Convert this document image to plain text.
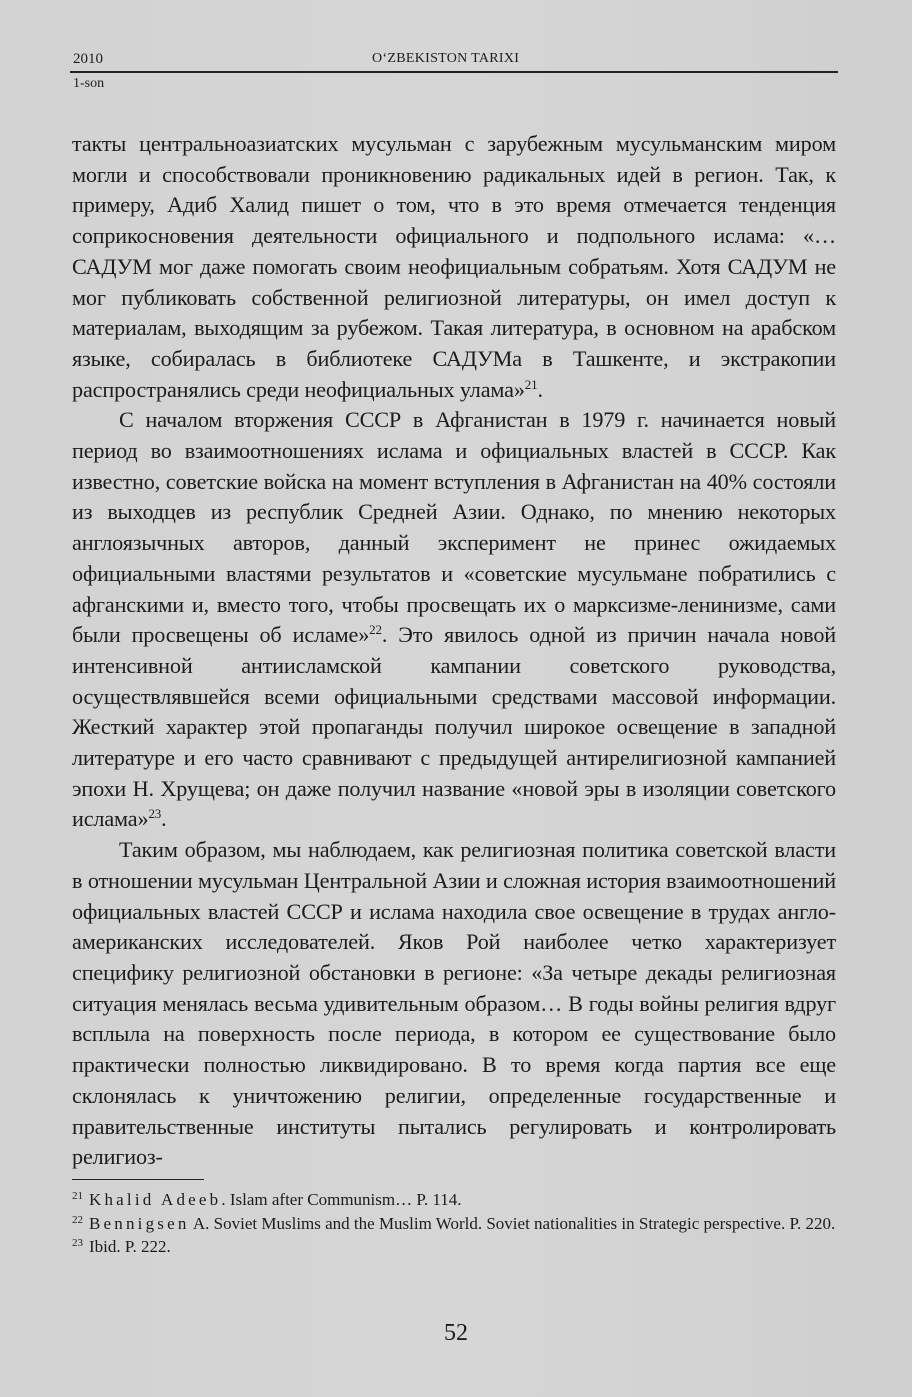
2010	O‘ZBEKISTON TARIXI
1-son

такты центральноазиатских мусульман с зарубежным мусульманским миром могли и способствовали проникновению радикальных идей в регион. Так, к примеру, Адиб Халид пишет о том, что в это время отмечается тенденция соприкосновения деятельности официального и подпольного ислама: «…САДУМ мог даже помогать своим неофициальным собратьям. Хотя САДУМ не мог публиковать собственной религиозной литературы, он имел доступ к материалам, выходящим за рубежом. Такая литература, в основном на арабском языке, собиралась в библиотеке САДУМа в Ташкенте, и экстракопии распространялись среди неофициальных улама»$^{21}$.

С началом вторжения СССР в Афганистан в 1979 г. начинается новый период во взаимоотношениях ислама и официальных властей в СССР. Как известно, советские войска на момент вступления в Афганистан на 40% состояли из выходцев из республик Средней Азии. Однако, по мнению некоторых англоязычных авторов, данный эксперимент не принес ожидаемых официальными властями результатов и «советские мусульмане побратились с афганскими и, вместо того, чтобы просвещать их о марксизме-ленинизме, сами были просвещены об исламе»$^{22}$. Это явилось одной из причин начала новой интенсивной антиисламской кампании советского руководства, осуществлявшейся всеми официальными средствами массовой информации. Жесткий характер этой пропаганды получил широкое освещение в западной литературе и его часто сравнивают с предыдущей антирелигиозной кампанией эпохи Н. Хрущева; он даже получил название «новой эры в изоляции советского ислама»$^{23}$.

Таким образом, мы наблюдаем, как религиозная политика советской власти в отношении мусульман Центральной Азии и сложная история взаимоотношений официальных властей СССР и ислама находила свое освещение в трудах англо-американских исследователей. Яков Рой наиболее четко характеризует специфику религиозной обстановки в регионе: «За четыре декады религиозная ситуация менялась весьма удивительным образом… В годы войны религия вдруг всплыла на поверхность после периода, в котором ее существование было практически полностью ликвидировано. В то время когда партия все еще склонялась к уничтожению религии, определенные государственные и правительственные институты пытались регулировать и контролировать религиоз-

$^{21}$ Khalid Adeeb. Islam after Communism… P. 114.

$^{22}$ Bennigsen A. Soviet Muslims and the Muslim World. Soviet nationalities in Strategic perspective. P. 220.

$^{23}$ Ibid. P. 222.

52
